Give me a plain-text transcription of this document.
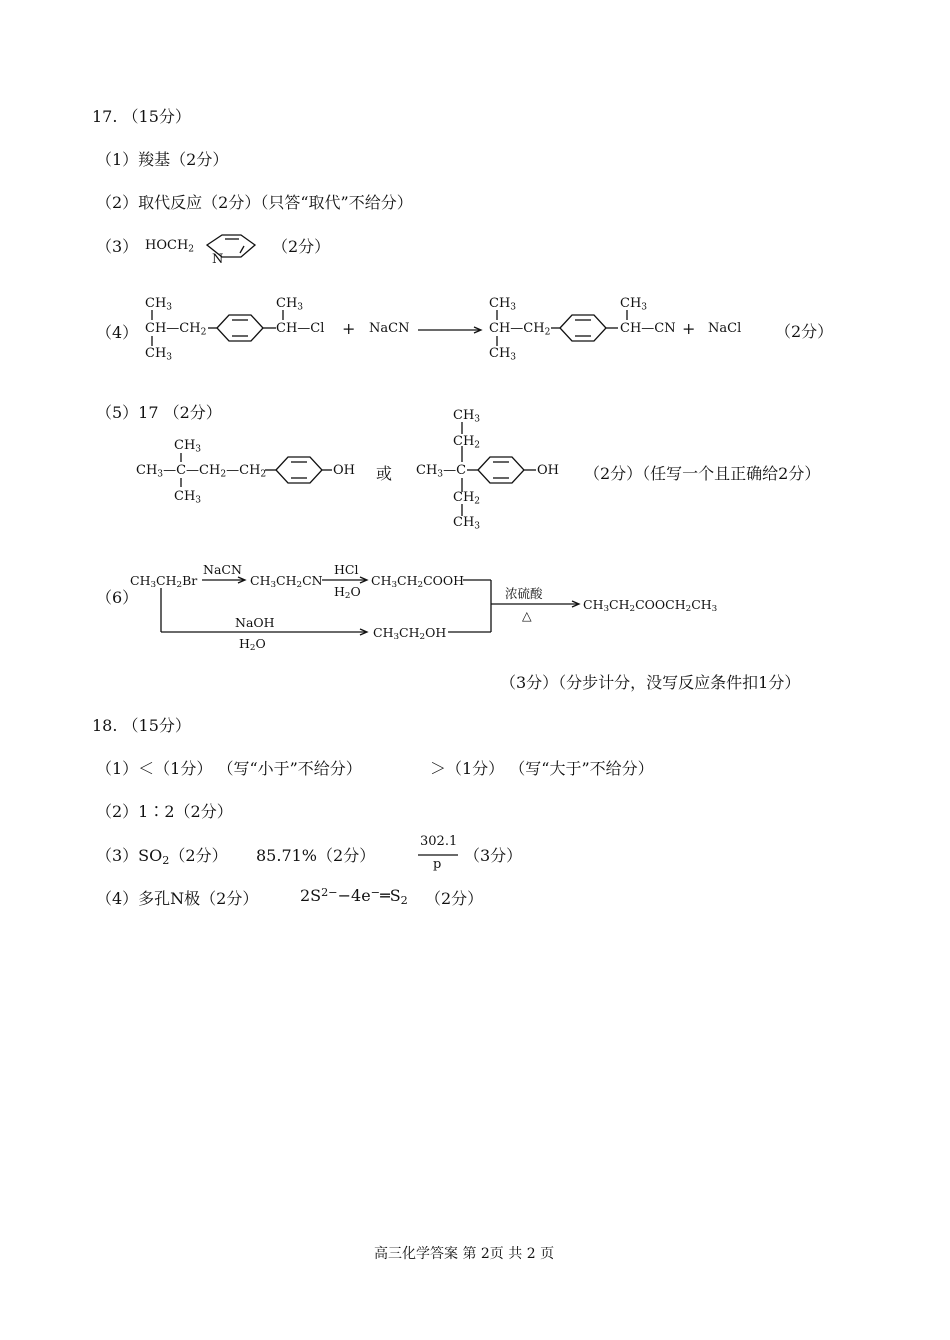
17. （15分）
（1）羧基（2分）
（2）取代反应（2分）（只答“取代”不给分）
（3） $HOCH_2$
N
（2分）
（4）
$CH_3$
$CH—CH_2$
$CH_3$
$CH_3$
CH—Cl + NaCN
$CH_3$
$CH—CH_2$
$CH_3$
$CH_3$
CH—CN + NaCl （2分）
（5）17 （2分）
$CH_3$
$CH_3—C—CH_2—CH_2$
$CH_3$
OH 或
$CH_3$
$CH_2$
$CH_3—C$
$CH_2$
$CH_3$
OH （2分）（任写一个且正确给2分）
（6）
$CH_3CH_2Br$
NaCN
$CH_3CH_2CN$
HCl
$H_2O$
$CH_3CH_2COOH$
浓硫酸
△
$CH_3CH_2COOCH_2CH_3$
NaOH
$H_2O$
$CH_3CH_2OH$
（3分）（分步计分，没写反应条件扣1分）
18. （15分）
（1）＜（1分） （写“小于”不给分）	＞（1分） （写“大于”不给分）
（2）1∶2（2分）
$(3)SO_2(2$分） 85.71%（2分）
302.1
p （3分）
（4）多孔N极（2分）	$2S^{2-}-4e^-═S_2$ （2分）
高三化学答案 第 2页 共 2 页
